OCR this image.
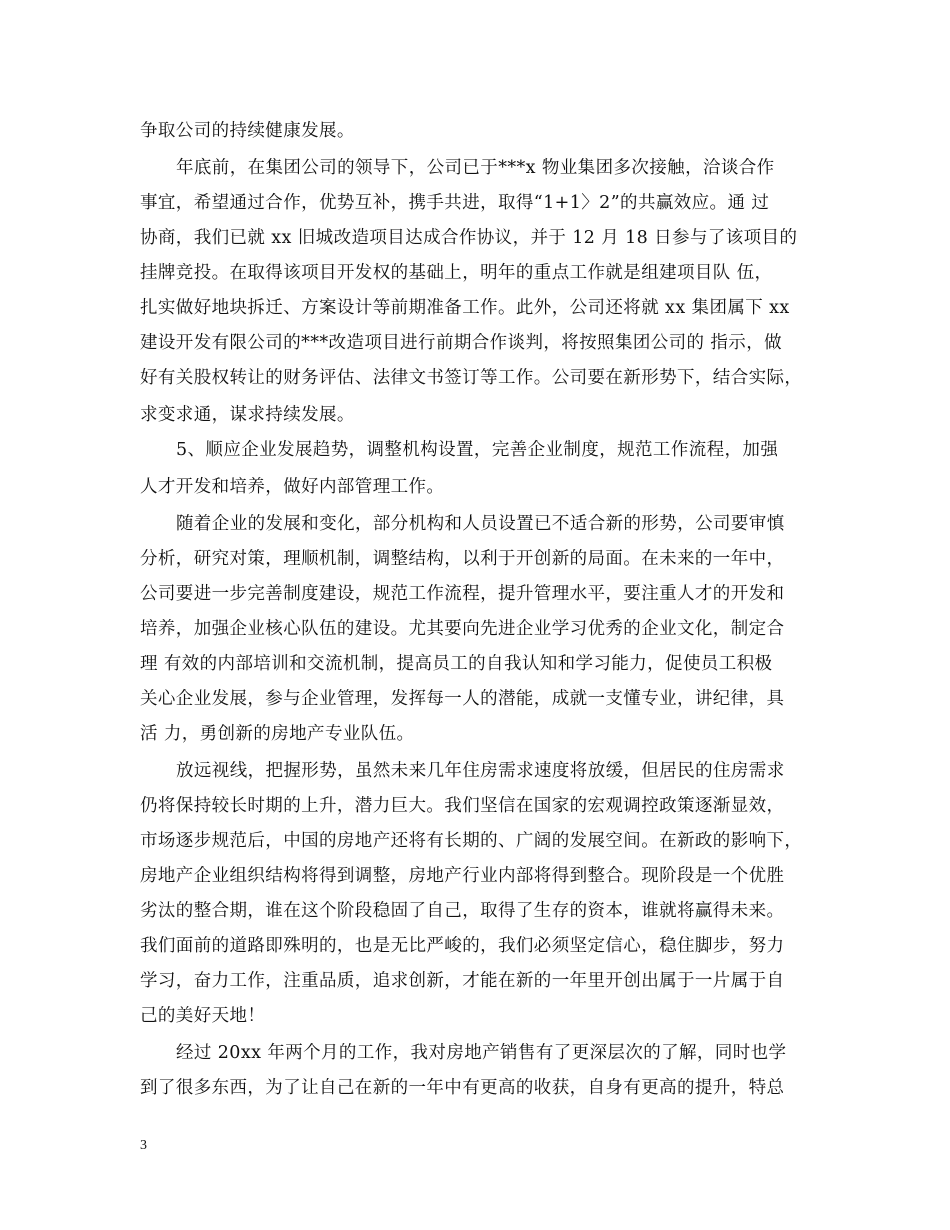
争取公司的持续健康发展。
年底前，在集团公司的领导下，公司已于***x 物业集团多次接触，洽谈合作
事宜，希望通过合作，优势互补，携手共进，取得“1+1〉2”的共赢效应。通 过
协商，我们已就 xx 旧城改造项目达成合作协议，并于 12 月 18 日参与了该项目的
挂牌竞投。在取得该项目开发权的基础上，明年的重点工作就是组建项目队 伍，
扎实做好地块拆迁、方案设计等前期准备工作。此外，公司还将就 xx 集团属下 xx
建设开发有限公司的***改造项目进行前期合作谈判，将按照集团公司的 指示，做
好有关股权转让的财务评估、法律文书签订等工作。公司要在新形势下，结合实际，
求变求通，谋求持续发展。
5、顺应企业发展趋势，调整机构设置，完善企业制度，规范工作流程，加强
人才开发和培养，做好内部管理工作。
随着企业的发展和变化，部分机构和人员设置已不适合新的形势，公司要审慎
分析，研究对策，理顺机制，调整结构，以利于开创新的局面。在未来的一年中，
公司要进一步完善制度建设，规范工作流程，提升管理水平，要注重人才的开发和
培养，加强企业核心队伍的建设。尤其要向先进企业学习优秀的企业文化，制定合
理 有效的内部培训和交流机制，提高员工的自我认知和学习能力，促使员工积极
关心企业发展，参与企业管理，发挥每一人的潜能，成就一支懂专业，讲纪律，具
活 力，勇创新的房地产专业队伍。
放远视线，把握形势，虽然未来几年住房需求速度将放缓，但居民的住房需求
仍将保持较长时期的上升，潜力巨大。我们坚信在国家的宏观调控政策逐渐显效，
市场逐步规范后，中国的房地产还将有长期的、广阔的发展空间。在新政的影响下，
房地产企业组织结构将得到调整，房地产行业内部将得到整合。现阶段是一个优胜
劣汰的整合期，谁在这个阶段稳固了自己，取得了生存的资本，谁就将赢得未来。
我们面前的道路即殊明的，也是无比严峻的，我们必须坚定信心，稳住脚步，努力
学习，奋力工作，注重品质，追求创新，才能在新的一年里开创出属于一片属于自
己的美好天地！
经过 20xx 年两个月的工作，我对房地产销售有了更深层次的了解，同时也学
到了很多东西，为了让自己在新的一年中有更高的收获，自身有更高的提升，特总
3
